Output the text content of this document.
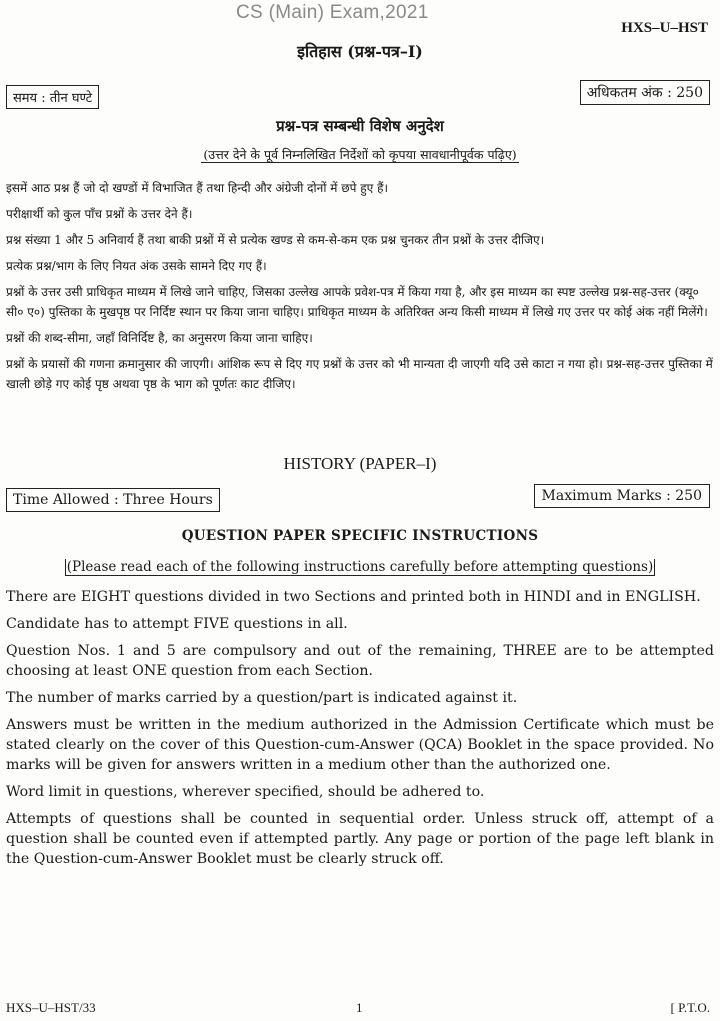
CS (Main) Exam,2021
HXS–U–HST
इतिहास (प्रश्न-पत्र–I)
समय : तीन घण्टे	अधिकतम अंक : 250
प्रश्न-पत्र सम्बन्धी विशेष अनुदेश
(उत्तर देने के पूर्व निम्नलिखित निर्देशों को कृपया सावधानीपूर्वक पढ़िए)

इसमें आठ प्रश्न हैं जो दो खण्डों में विभाजित हैं तथा हिन्दी और अंग्रेजी दोनों में छपे हुए हैं।

परीक्षार्थी को कुल पाँच प्रश्नों के उत्तर देने हैं।

प्रश्न संख्या 1 और 5 अनिवार्य हैं तथा बाकी प्रश्नों में से प्रत्येक खण्ड से कम-से-कम एक प्रश्न चुनकर तीन प्रश्नों के उत्तर दीजिए।

प्रत्येक प्रश्न/भाग के लिए नियत अंक उसके सामने दिए गए हैं।

प्रश्नों के उत्तर उसी प्राधिकृत माध्यम में लिखे जाने चाहिए, जिसका उल्लेख आपके प्रवेश-पत्र में किया गया है, और इस माध्यम का स्पष्ट उल्लेख प्रश्न-सह-उत्तर (क्यू० सी० ए०) पुस्तिका के मुखपृष्ठ पर निर्दिष्ट स्थान पर किया जाना चाहिए। प्राधिकृत माध्यम के अतिरिक्त अन्य किसी माध्यम में लिखे गए उत्तर पर कोई अंक नहीं मिलेंगे।

प्रश्नों की शब्द-सीमा, जहाँ विनिर्दिष्ट है, का अनुसरण किया जाना चाहिए।

प्रश्नों के प्रयासों की गणना क्रमानुसार की जाएगी। आंशिक रूप से दिए गए प्रश्नों के उत्तर को भी मान्यता दी जाएगी यदि उसे काटा न गया हो। प्रश्न-सह-उत्तर पुस्तिका में खाली छोड़े गए कोई पृष्ठ अथवा पृष्ठ के भाग को पूर्णतः काट दीजिए।

HISTORY (PAPER–I)
Time Allowed : Three Hours	Maximum Marks : 250
QUESTION PAPER SPECIFIC INSTRUCTIONS
(Please read each of the following instructions carefully before attempting questions)

There are EIGHT questions divided in two Sections and printed both in HINDI and in ENGLISH.

Candidate has to attempt FIVE questions in all.

Question Nos. 1 and 5 are compulsory and out of the remaining, THREE are to be attempted choosing at least ONE question from each Section.

The number of marks carried by a question/part is indicated against it.

Answers must be written in the medium authorized in the Admission Certificate which must be stated clearly on the cover of this Question-cum-Answer (QCA) Booklet in the space provided. No marks will be given for answers written in a medium other than the authorized one.

Word limit in questions, wherever specified, should be adhered to.

Attempts of questions shall be counted in sequential order. Unless struck off, attempt of a question shall be counted even if attempted partly. Any page or portion of the page left blank in the Question-cum-Answer Booklet must be clearly struck off.

HXS–U–HST/33	1	[ P.T.O.
